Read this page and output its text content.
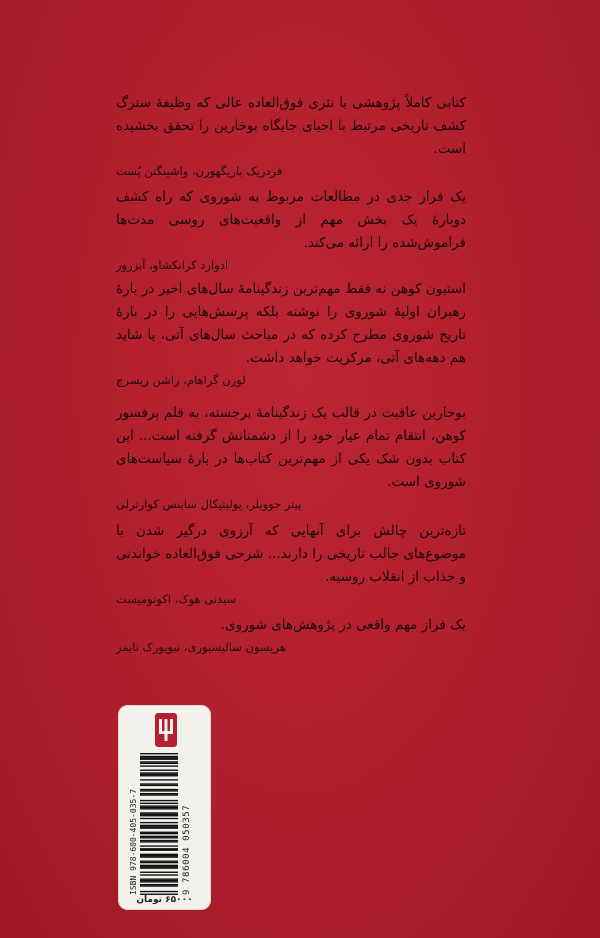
کتابی کاملاً پژوهشی با نثری فوق‌العاده عالی که وظیفهٔ سترگ کشف تاریخی مرتبط با احیای جایگاه بوخارین را تحقق بخشیده است.

فردریک باریگهورن، واشینگتن پُست

یک فراز جدی در مطالعات مربوط به شوروی که راه کشف دوبارهٔ یک بخش مهم از واقعیت‌های روسی مدت‌ها فراموش‌شده را ارائه می‌کند.

ادوارد کرانکشاو، آبزرور

استیون کوهن نه فقط مهم‌ترین زندگینامهٔ سال‌های اخیر در بارهٔ رهبران اولیهٔ شوروی را نوشته بلکه پرسش‌هایی را در بارهٔ تاریخ شوروی مطرح کرده که در مباحث سال‌های آتی، یا شاید هم دهه‌های آتی، مرکزیت خواهد داشت.

لورن گراهام، راشن ریسرچ

بوخارین عاقبت در قالب یک زندگینامهٔ برجسته، به قلم پرفسور کوهن، انتقام تمام عیار خود را از دشمنانش گرفته است... این کتاب بدون شک یکی از مهم‌ترین کتاب‌ها در بارهٔ سیاست‌های شوروی است.

پیتر جوویلر، پولیتیکال ساینس کوارترلی

تازه‌ترین چالش برای آنهایی که آرزوی درگیر شدن با موضوع‌های جالب تاریخی را دارند... شرحی فوق‌العاده خواندنی و جذاب از انقلاب روسیه.

سیدنی هوک، اکونومیست

یک فراز مهم واقعی در پژوهش‌های شوروی.

هریسون سالیسبوری، نیویورک تایمز

ISBN 978-600-405-035-7	9 786004 050357
۶۵۰۰۰ تومان
